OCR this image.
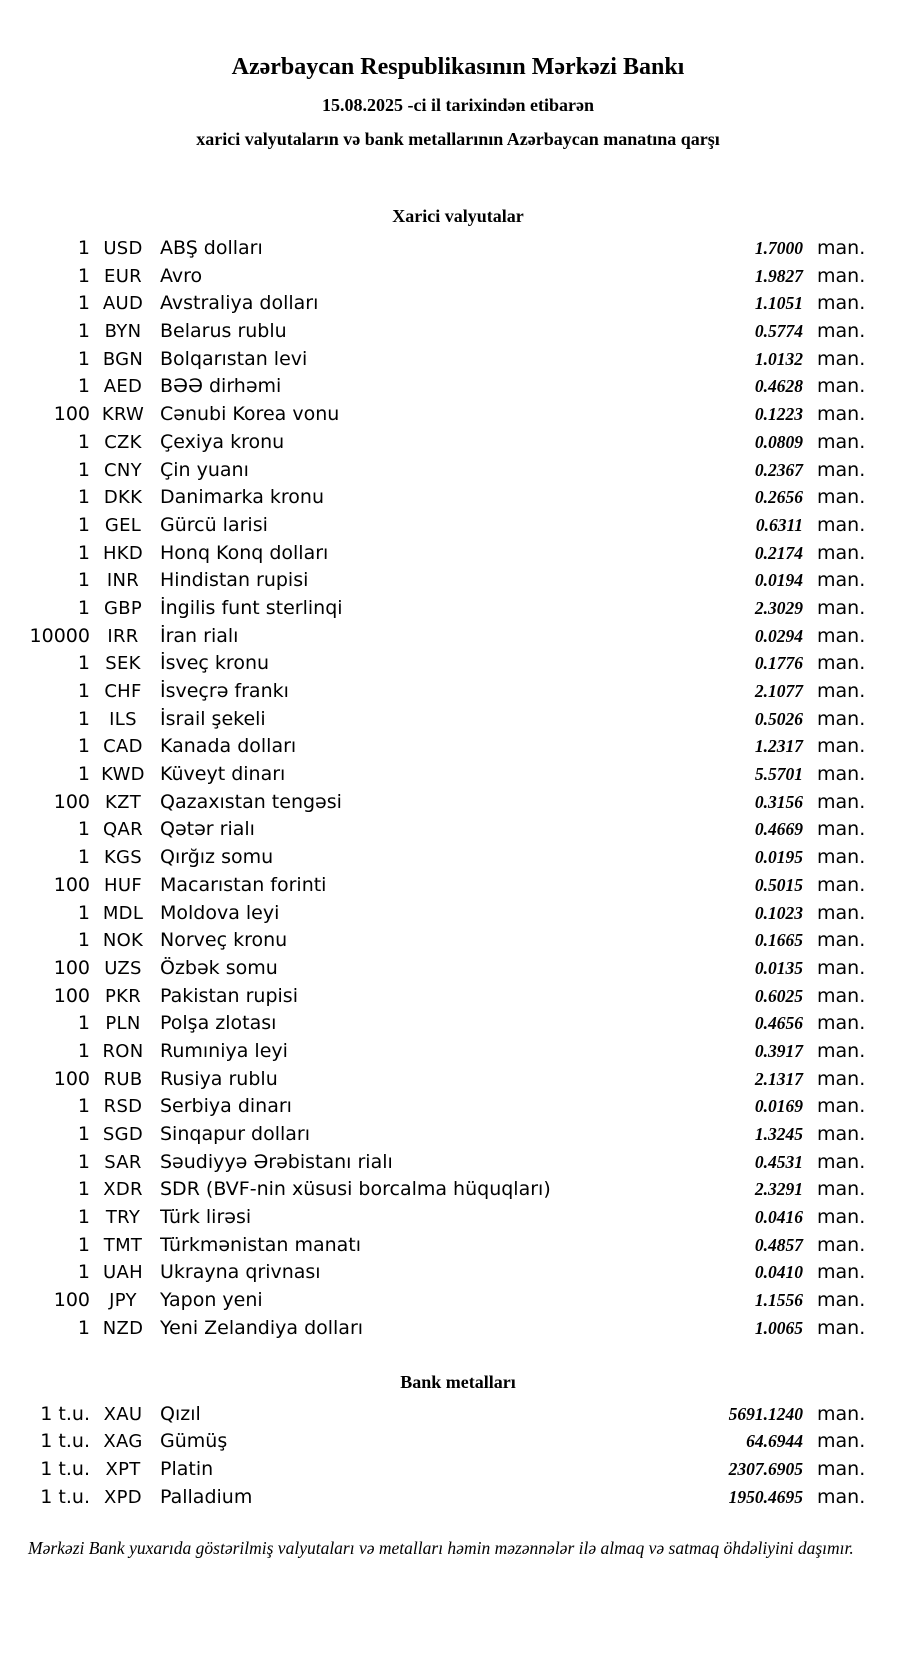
Azərbaycan Respublikasının Mərkəzi Bankı
15.08.2025 -ci il tarixindən etibarən
xarici valyutaların və bank metallarının Azərbaycan manatına qarşı
Xarici valyutalar
1 USD ABŞ dolları	1.7000 man.
1 EUR Avro	1.9827 man.
1 AUD Avstraliya dolları	1.1051 man.
1 BYN Belarus rublu	0.5774 man.
1 BGN Bolqarıstan levi	1.0132 man.
1 AED BƏƏ dirhəmi	0.4628 man.
100 KRW Cənubi Korea vonu	0.1223 man.
1 CZK Çexiya kronu	0.0809 man.
1 CNY Çin yuanı	0.2367 man.
1 DKK Danimarka kronu	0.2656 man.
1 GEL Gürcü larisi	0.6311 man.
1 HKD Honq Konq dolları	0.2174 man.
1 INR	Hindistan rupisi	0.0194 man.
1 GBP İngilis funt sterlinqi	2.3029 man.
10000 IRR	İran rialı	0.0294 man.
1 SEK	İsveç kronu	0.1776 man.
1 CHF İsveçrə frankı	2.1077 man.
1	ILS	İsrail şekeli	0.5026 man.
1 CAD Kanada dolları	1.2317 man.
1 KWD Küveyt dinarı	5.5701 man.
100 KZT Qazaxıstan tengəsi	0.3156 man.
1 QAR Qətər rialı	0.4669 man.
1 KGS Qırğız somu	0.0195 man.
100 HUF Macarıstan forinti	0.5015 man.
1 MDL Moldova leyi	0.1023 man.
1 NOK Norveç kronu	0.1665 man.
100 UZS Özbək somu	0.0135 man.
100 PKR Pakistan rupisi	0.6025 man.
1 PLN	Polşa zlotası	0.4656 man.
1 RON Rumıniya leyi	0.3917 man.
100 RUB Rusiya rublu	2.1317 man.
1 RSD Serbiya dinarı	0.0169 man.
1 SGD Sinqapur dolları	1.3245 man.
1 SAR Səudiyyə Ərəbistanı rialı	0.4531 man.
1 XDR SDR (BVF-nin xüsusi borcalma hüquqları)	2.3291 man.
1 TRY	Türk lirəsi	0.0416 man.
1 TMT Türkmənistan manatı	0.4857 man.
1 UAH Ukrayna qrivnası	0.0410 man.
100	JPY	Yapon yeni	1.1556 man.
1 NZD Yeni Zelandiya dolları	1.0065 man.
Bank metalları
1 t.u. XAU Qızıl	5691.1240 man.
1 t.u. XAG Gümüş	64.6944 man.
1 t.u. XPT	Platin	2307.6905 man.
1 t.u. XPD Palladium	1950.4695 man.
Mərkəzi Bank yuxarıda göstərilmiş valyutaları və metalları həmin məzənnələr ilə almaq və satmaq öhdəliyini daşımır.
